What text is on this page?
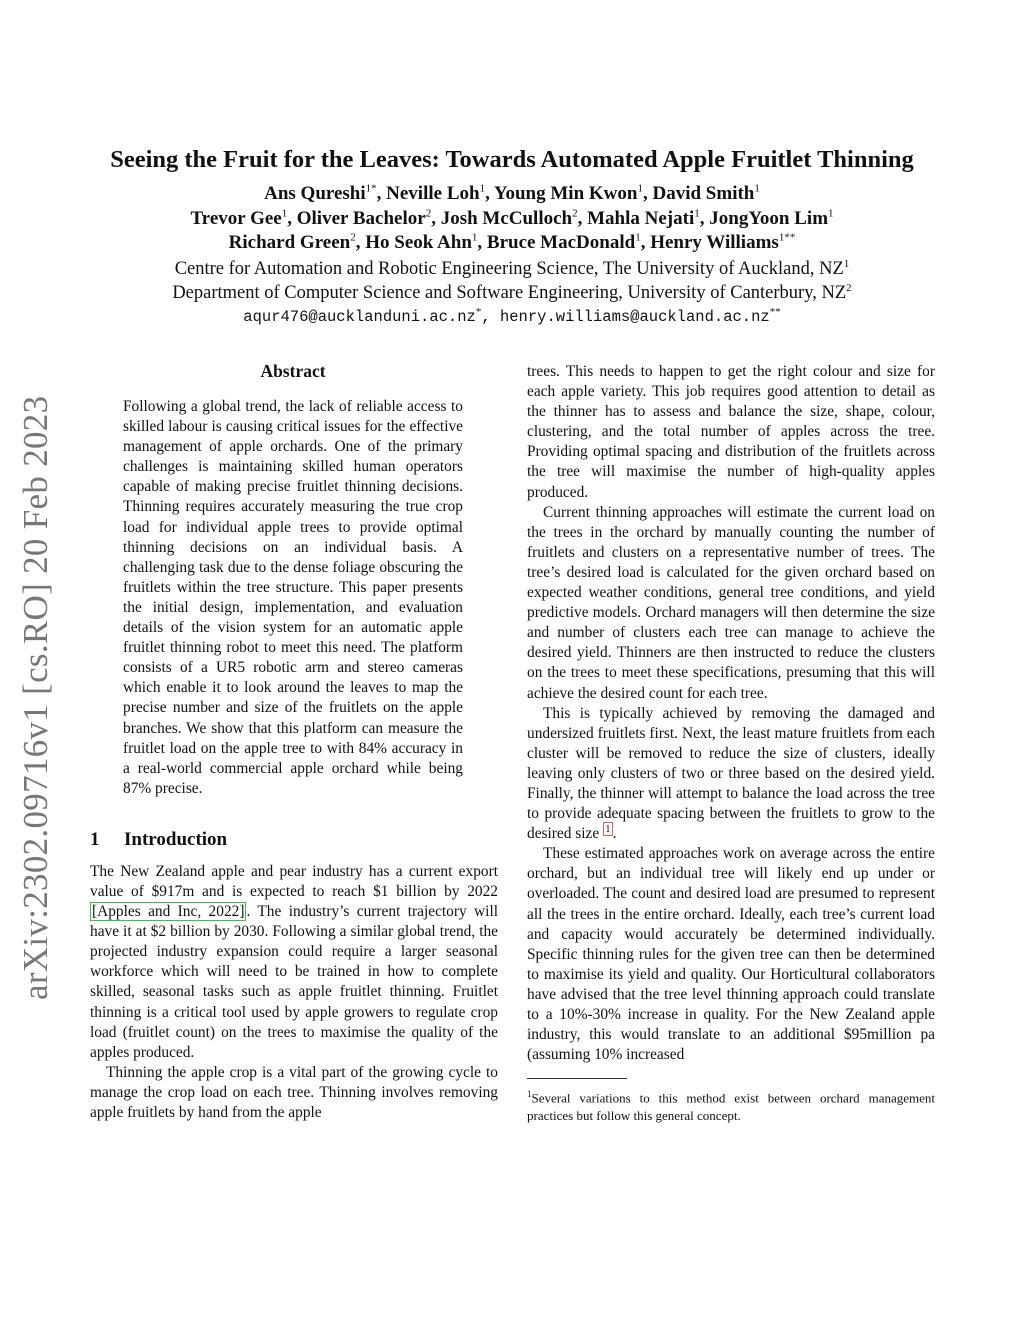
arXiv:2302.09716v1 [cs.RO] 20 Feb 2023
Seeing the Fruit for the Leaves: Towards Automated Apple Fruitlet Thinning
Ans Qureshi$^{1*}$, Neville Loh$^1$, Young Min Kwon$^1$, David Smith$^1$
Trevor Gee$^1$, Oliver Bachelor$^2$, Josh McCulloch$^2$, Mahla Nejati$^1$, JongYoon Lim$^1$
Richard Green$^2$, Ho Seok Ahn$^1$, Bruce MacDonald$^1$, Henry Williams$^{1**}$
Centre for Automation and Robotic Engineering Science, The University of Auckland, $NZ^1$
Department of Computer Science and Software Engineering, University of Canterbury, $NZ^2$
aqur476@aucklanduni.ac.nz*, henry.williams@auckland.ac.nz**
Abstract

Following a global trend, the lack of reliable access to skilled labour is causing critical issues for the effective management of apple orchards. One of the primary challenges is maintaining skilled human operators capable of making precise fruitlet thinning decisions. Thinning requires accurately measuring the true crop load for individual apple trees to provide optimal thinning decisions on an individual basis. A challenging task due to the dense foliage obscuring the fruitlets within the tree structure. This paper presents the initial design, implementation, and evaluation details of the vision system for an automatic apple fruitlet thinning robot to meet this need. The platform consists of a UR5 robotic arm and stereo cameras which enable it to look around the leaves to map the precise number and size of the fruitlets on the apple branches. We show that this platform can measure the fruitlet load on the apple tree to with 84% accuracy in a real-world commercial apple orchard while being 87% precise.

1 Introduction

The New Zealand apple and pear industry has a current export value of $917m and is expected to reach $1 billion by 2022 [Apples and Inc, 2022] . The industry’s current trajectory will have it at $2 billion by 2030. Following a similar global trend, the projected industry expansion could require a larger seasonal workforce which will need to be trained in how to complete skilled, seasonal tasks such as apple fruitlet thinning. Fruitlet thinning is a critical tool used by apple growers to regulate crop load (fruitlet count) on the trees to maximise the quality of the apples produced.

Thinning the apple crop is a vital part of the growing cycle to manage the crop load on each tree. Thinning involves removing apple fruitlets by hand from the apple

trees. This needs to happen to get the right colour and size for each apple variety. This job requires good attention to detail as the thinner has to assess and balance the size, shape, colour, clustering, and the total number of apples across the tree. Providing optimal spacing and distribution of the fruitlets across the tree will maximise the number of high-quality apples produced.

Current thinning approaches will estimate the current load on the trees in the orchard by manually counting the number of fruitlets and clusters on a representative number of trees. The tree’s desired load is calculated for the given orchard based on expected weather conditions, general tree conditions, and yield predictive models. Orchard managers will then determine the size and number of clusters each tree can manage to achieve the desired yield. Thinners are then instructed to reduce the clusters on the trees to meet these specifications, presuming that this will achieve the desired count for each tree.

This is typically achieved by removing the damaged and undersized fruitlets first. Next, the least mature fruitlets from each cluster will be removed to reduce the size of clusters, ideally leaving only clusters of two or three based on the desired yield. Finally, the thinner will attempt to balance the load across the tree to provide adequate spacing between the fruitlets to grow to the desired size $^1$ .

These estimated approaches work on average across the entire orchard, but an individual tree will likely end up under or overloaded. The count and desired load are presumed to represent all the trees in the entire orchard. Ideally, each tree’s current load and capacity would accurately be determined individually. Specific thinning rules for the given tree can then be determined to maximise its yield and quality. Our Horticultural collaborators have advised that the tree level thinning approach could translate to a 10%-30% increase in quality. For the New Zealand apple industry, this would translate to an additional $95million pa (assuming 10% increased

$^1$Several variations to this method exist between orchard management practices but follow this general concept.
